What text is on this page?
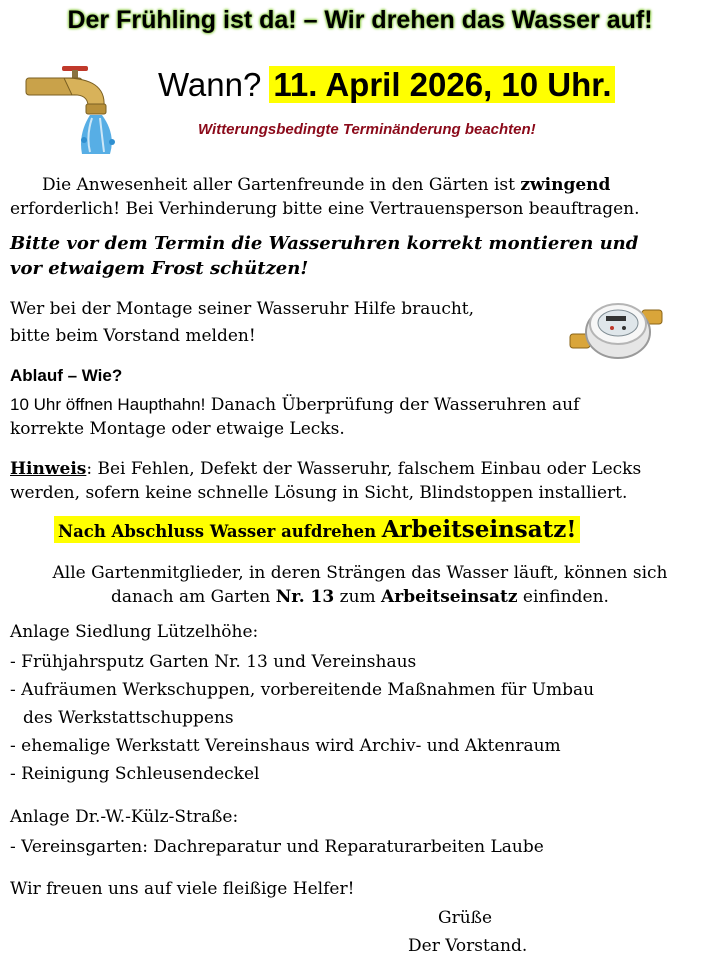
Der Frühling ist da! – Wir drehen das Wasser auf!
Wann? 11. April 2026, 10 Uhr.
Witterungsbedingte Terminänderung beachten!
Die Anwesenheit aller Gartenfreunde in den Gärten ist zwingend
erforderlich! Bei Verhinderung bitte eine Vertrauensperson beauftragen.
Bitte vor dem Termin die Wasseruhren korrekt montieren und
vor etwaigem Frost schützen!
Wer bei der Montage seiner Wasseruhr Hilfe braucht,
bitte beim Vorstand melden!
Ablauf – Wie?
10 Uhr öffnen Haupthahn! Danach Überprüfung der Wasseruhren auf
korrekte Montage oder etwaige Lecks.
Hinweis: Bei Fehlen, Defekt der Wasseruhr, falschem Einbau oder Lecks
werden, sofern keine schnelle Lösung in Sicht, Blindstoppen installiert.
Nach Abschluss Wasser aufdrehen Arbeitseinsatz!
Alle Gartenmitglieder, in deren Strängen das Wasser läuft, können sich
danach am Garten Nr. 13 zum Arbeitseinsatz einfinden.
Anlage Siedlung Lützelhöhe:
- Frühjahrsputz Garten Nr. 13 und Vereinshaus
- Aufräumen Werkschuppen, vorbereitende Maßnahmen für Umbau
des Werkstattschuppens
- ehemalige Werkstatt Vereinshaus wird Archiv- und Aktenraum
- Reinigung Schleusendeckel
Anlage Dr.-W.-Külz-Straße:
- Vereinsgarten: Dachreparatur und Reparaturarbeiten Laube
Wir freuen uns auf viele fleißige Helfer!
Grüße
Der Vorstand.
